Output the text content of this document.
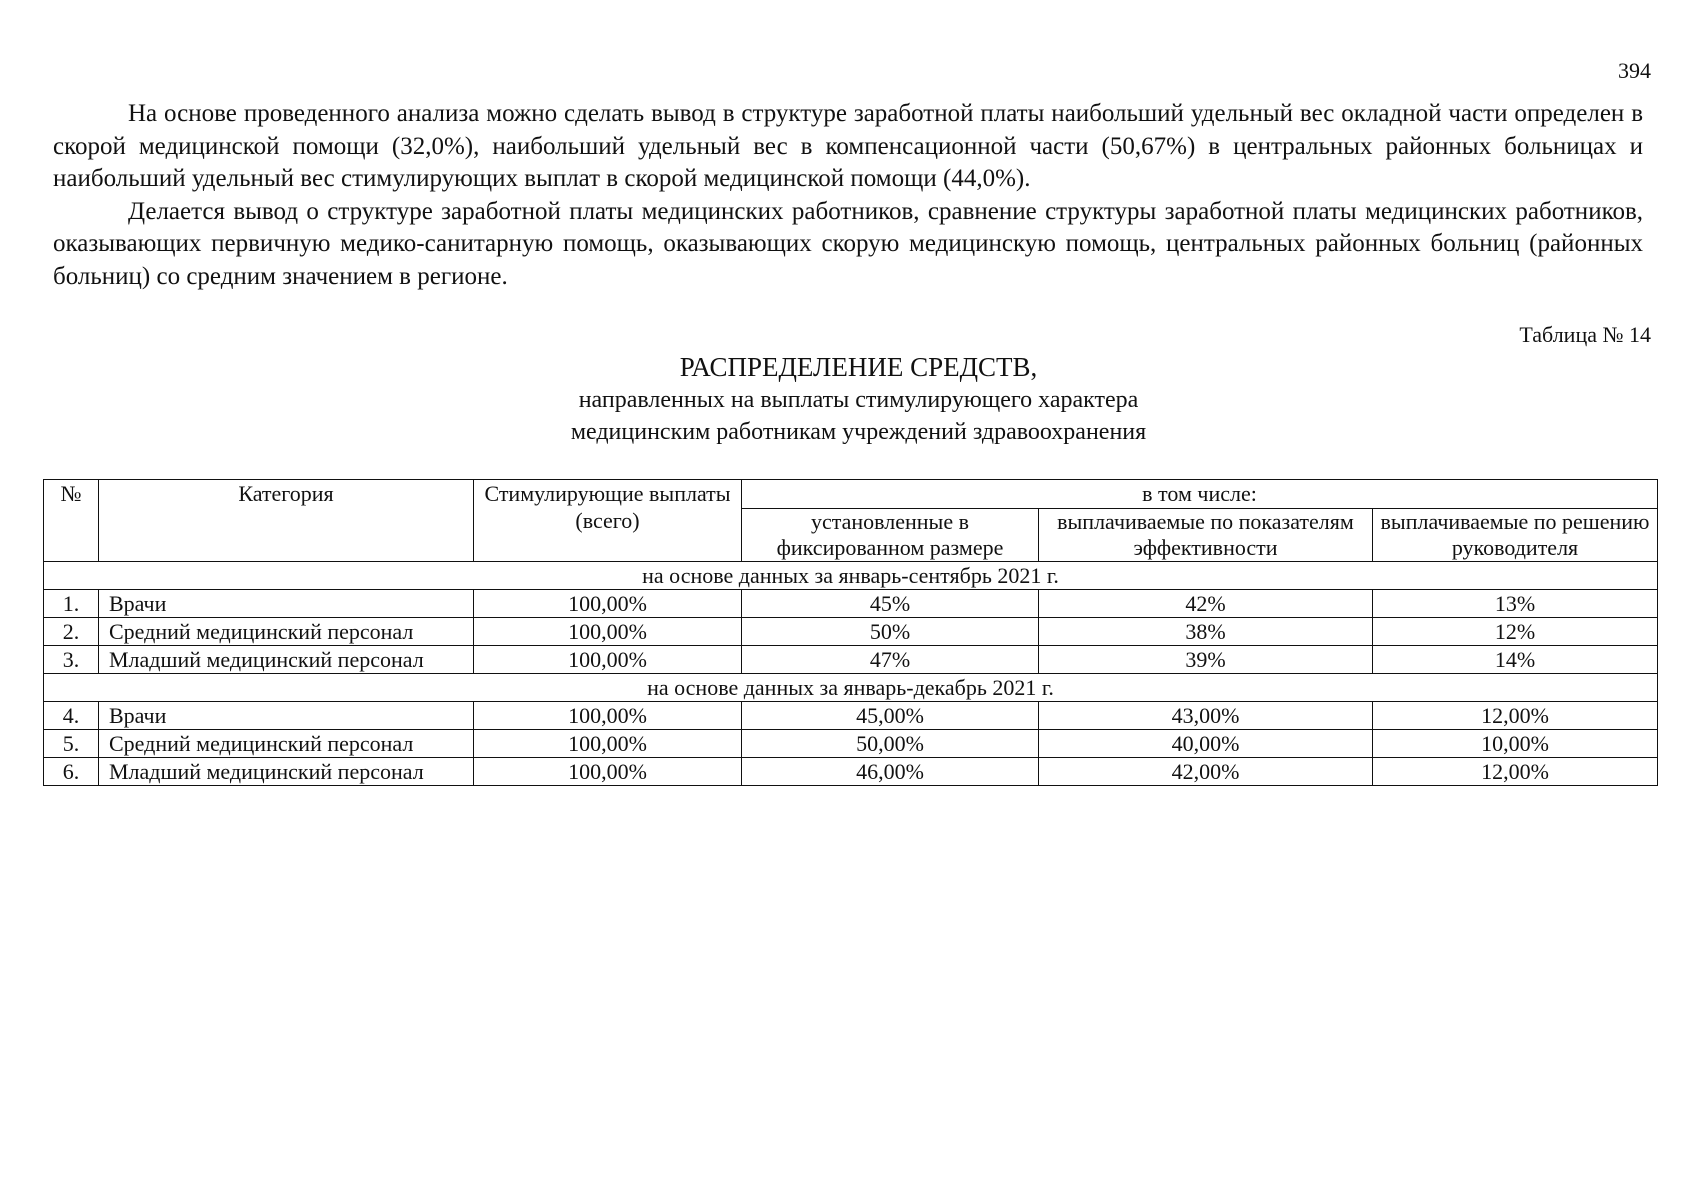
394

На основе проведенного анализа можно сделать вывод в структуре заработной платы наибольший удельный вес окладной части определен в скорой медицинской помощи (32,0%), наибольший удельный вес в компенсационной части (50,67%) в центральных районных больницах и наибольший удельный вес стимулирующих выплат в скорой медицинской помощи (44,0%).

Делается вывод о структуре заработной платы медицинских работников, сравнение структуры заработной платы медицинских работников, оказывающих первичную медико-санитарную помощь, оказывающих скорую медицинскую помощь, центральных районных больниц (районных больниц) со средним значением в регионе.

Таблица № 14
РАСПРЕДЕЛЕНИЕ СРЕДСТВ,
направленных на выплаты стимулирующего характера
медицинским работникам учреждений здравоохранения
№	Категория	Стимулирующие выплаты (всего)	в том числе:		
			установленные в фиксированном размере	выплачиваемые по показателям эффективности	выплачиваемые по решению руководителя
на основе данных за январь-сентябрь 2021 г.					
1.	Врачи	100,00%	45%	42%	13%
2.	Средний медицинский персонал	100,00%	50%	38%	12%
3.	Младший медицинский персонал	100,00%	47%	39%	14%
на основе данных за январь-декабрь 2021 г.					
4.	Врачи	100,00%	45,00%	43,00%	12,00%
5.	Средний медицинский персонал	100,00%	50,00%	40,00%	10,00%
6.	Младший медицинский персонал	100,00%	46,00%	42,00%	12,00%
